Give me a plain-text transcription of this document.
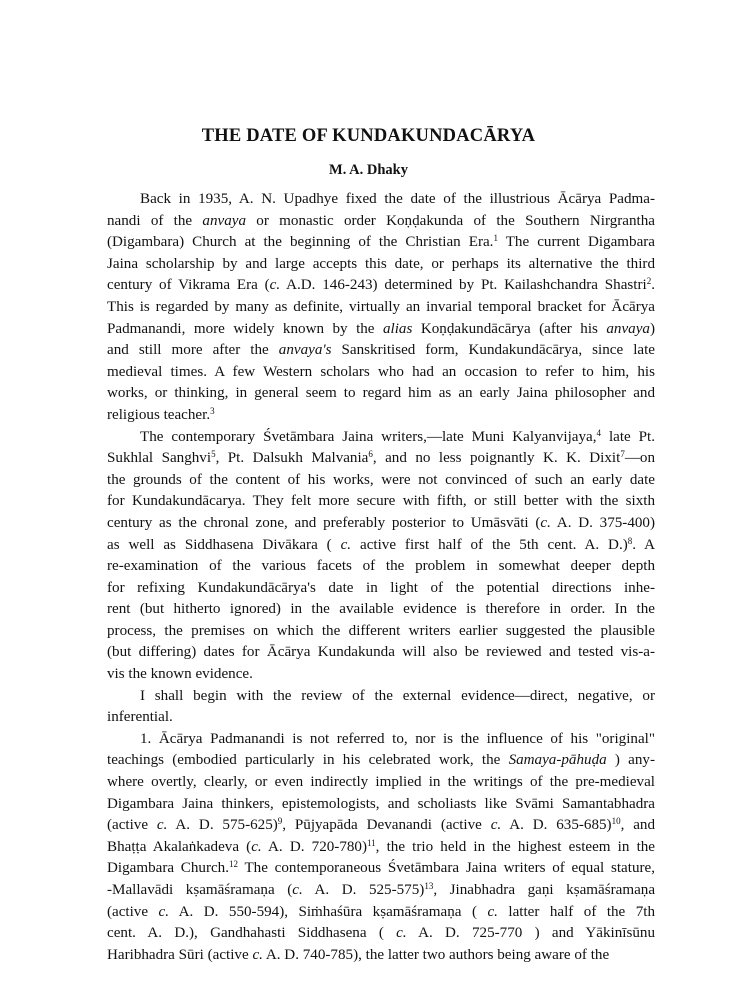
THE DATE OF KUNDAKUNDACĀRYA
M. A. Dhaky
Back in 1935, A. N. Upadhye fixed the date of the illustrious Ācārya Padma-
nandi of the anvaya or monastic order Koṇḍakunda of the Southern Nirgrantha
(Digambara) Church at the beginning of the Christian Era.$^1$ The current Digambara
Jaina scholarship by and large accepts this date, or perhaps its alternative the third
century of Vikrama Era (c. A.D. 146-243) determined by Pt. Kailashchandra Shastri$^2$.
This is regarded by many as definite, virtually an invarial temporal bracket for Ācārya
Padmanandi, more widely known by the alias Koṇḍakundācārya (after his anvaya)
and still more after the anvaya's Sanskritised form, Kundakundācārya, since late
medieval times. A few Western scholars who had an occasion to refer to him, his
works, or thinking, in general seem to regard him as an early Jaina philosopher and
religious teacher.$^3$
The contemporary Śvetāmbara Jaina writers,—late Muni Kalyanvijaya,$^4$ late Pt.
Sukhlal Sanghvi$^5$, Pt. Dalsukh Malvania$^6$, and no less poignantly K. K. Dixit$^7$—on
the grounds of the content of his works, were not convinced of such an early date
for Kundakundācarya. They felt more secure with fifth, or still better with the sixth
century as the chronal zone, and preferably posterior to Umāsvāti (c. A. D. 375-400)
as well as Siddhasena Divākara ( c. active first half of the 5th cent. A. D.)$^8$. A
re-examination of the various facets of the problem in somewhat deeper depth
for refixing Kundakundācārya's date in light of the potential directions inhe-
rent (but hitherto ignored) in the available evidence is therefore in order. In the
process, the premises on which the different writers earlier suggested the plausible
(but differing) dates for Ācārya Kundakunda will also be reviewed and tested vis-a-
vis the known evidence.
I shall begin with the review of the external evidence—direct, negative, or
inferential.
1. Ācārya Padmanandi is not referred to, nor is the influence of his "original"
teachings (embodied particularly in his celebrated work, the Samaya-pāhuḍa ) any-
where overtly, clearly, or even indirectly implied in the writings of the pre-medieval
Digambara Jaina thinkers, epistemologists, and scholiasts like Svāmi Samantabhadra
(active c. A. D. 575-625)$^9$, Pūjyapāda Devanandi (active c. A. D. 635-685)$^{10}$, and
Bhaṭṭa Akalaṅkadeva (c. A. D. 720-780)$^{11}$, the trio held in the highest esteem in the
Digambara Church.$^{12}$ The contemporaneous Śvetāmbara Jaina writers of equal stature,
-Mallavādi kṣamāśramaṇa (c. A. D. 525-575)$^{13}$, Jinabhadra gaṇi kṣamāśramaṇa
(active c. A. D. 550-594), Siṁhaśūra kṣamāśramaṇa ( c. latter half of the 7th
cent. A. D.), Gandhahasti Siddhasena ( c. A. D. 725-770 ) and Yākinīsūnu
Haribhadra Sūri (active c. A. D. 740-785), the latter two authors being aware of the
